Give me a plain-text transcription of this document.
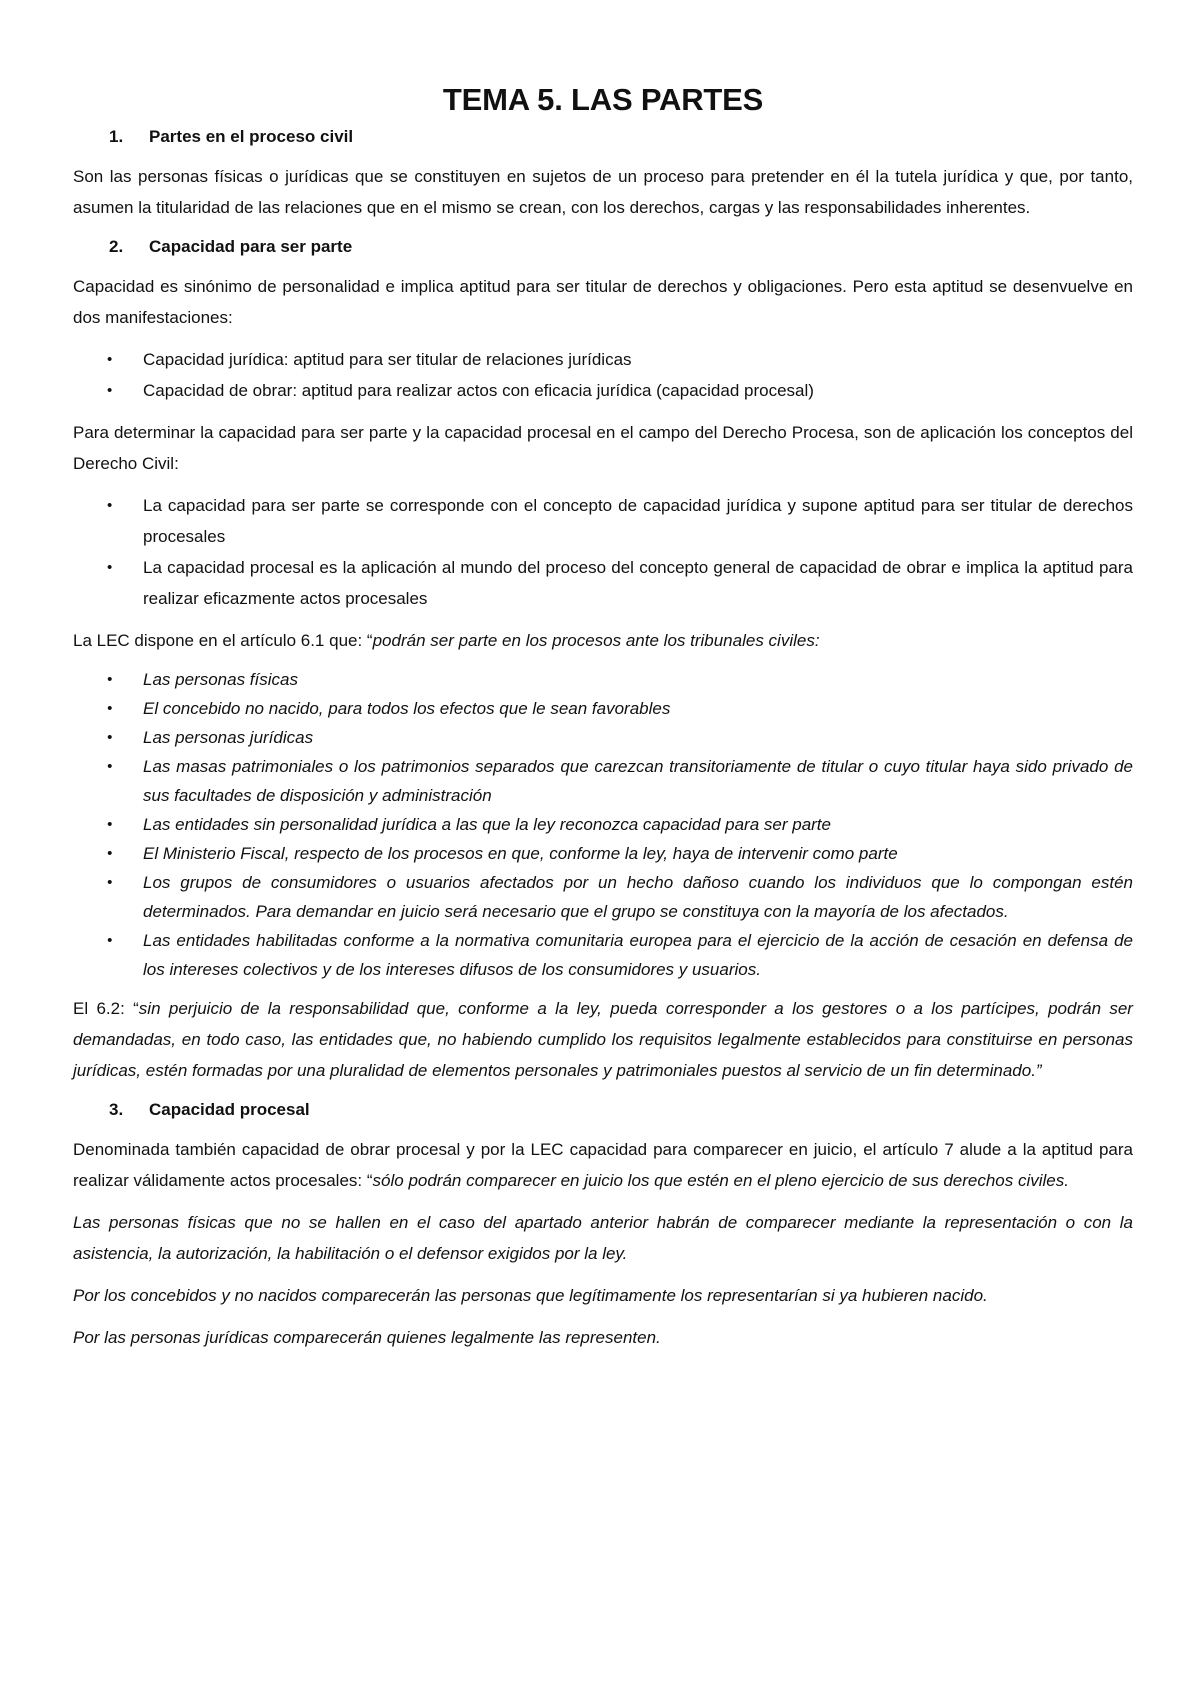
TEMA 5. LAS PARTES
1.	Partes en el proceso civil

Son las personas físicas o jurídicas que se constituyen en sujetos de un proceso para pretender en él la tutela jurídica y que, por tanto, asumen la titularidad de las relaciones que en el mismo se crean, con los derechos, cargas y las responsabilidades inherentes.

2.	Capacidad para ser parte

Capacidad es sinónimo de personalidad e implica aptitud para ser titular de derechos y obligaciones. Pero esta aptitud se desenvuelve en dos manifestaciones:

• Capacidad jurídica: aptitud para ser titular de relaciones jurídicas
• Capacidad de obrar: aptitud para realizar actos con eficacia jurídica (capacidad procesal)

Para determinar la capacidad para ser parte y la capacidad procesal en el campo del Derecho Procesa, son de aplicación los conceptos del Derecho Civil:

• La capacidad para ser parte se corresponde con el concepto de capacidad jurídica y supone aptitud para ser titular de derechos procesales
• La capacidad procesal es la aplicación al mundo del proceso del concepto general de capacidad de obrar e implica la aptitud para realizar eficazmente actos procesales

La LEC dispone en el artículo 6.1 que: “podrán ser parte en los procesos ante los tribunales civiles:

• Las personas físicas
• El concebido no nacido, para todos los efectos que le sean favorables
• Las personas jurídicas
• Las masas patrimoniales o los patrimonios separados que carezcan transitoriamente de titular o cuyo titular haya sido privado de sus facultades de disposición y administración
• Las entidades sin personalidad jurídica a las que la ley reconozca capacidad para ser parte
• El Ministerio Fiscal, respecto de los procesos en que, conforme la ley, haya de intervenir como parte
• Los grupos de consumidores o usuarios afectados por un hecho dañoso cuando los individuos que lo compongan estén determinados. Para demandar en juicio será necesario que el grupo se constituya con la mayoría de los afectados.
• Las entidades habilitadas conforme a la normativa comunitaria europea para el ejercicio de la acción de cesación en defensa de los intereses colectivos y de los intereses difusos de los consumidores y usuarios.

El 6.2: “sin perjuicio de la responsabilidad que, conforme a la ley, pueda corresponder a los gestores o a los partícipes, podrán ser demandadas, en todo caso, las entidades que, no habiendo cumplido los requisitos legalmente establecidos para constituirse en personas jurídicas, estén formadas por una pluralidad de elementos personales y patrimoniales puestos al servicio de un fin determinado.”

3.	Capacidad procesal

Denominada también capacidad de obrar procesal y por la LEC capacidad para comparecer en juicio, el artículo 7 alude a la aptitud para realizar válidamente actos procesales: “sólo podrán comparecer en juicio los que estén en el pleno ejercicio de sus derechos civiles.

Las personas físicas que no se hallen en el caso del apartado anterior habrán de comparecer mediante la representación o con la asistencia, la autorización, la habilitación o el defensor exigidos por la ley.

Por los concebidos y no nacidos comparecerán las personas que legítimamente los representarían si ya hubieren nacido.

Por las personas jurídicas comparecerán quienes legalmente las representen.
